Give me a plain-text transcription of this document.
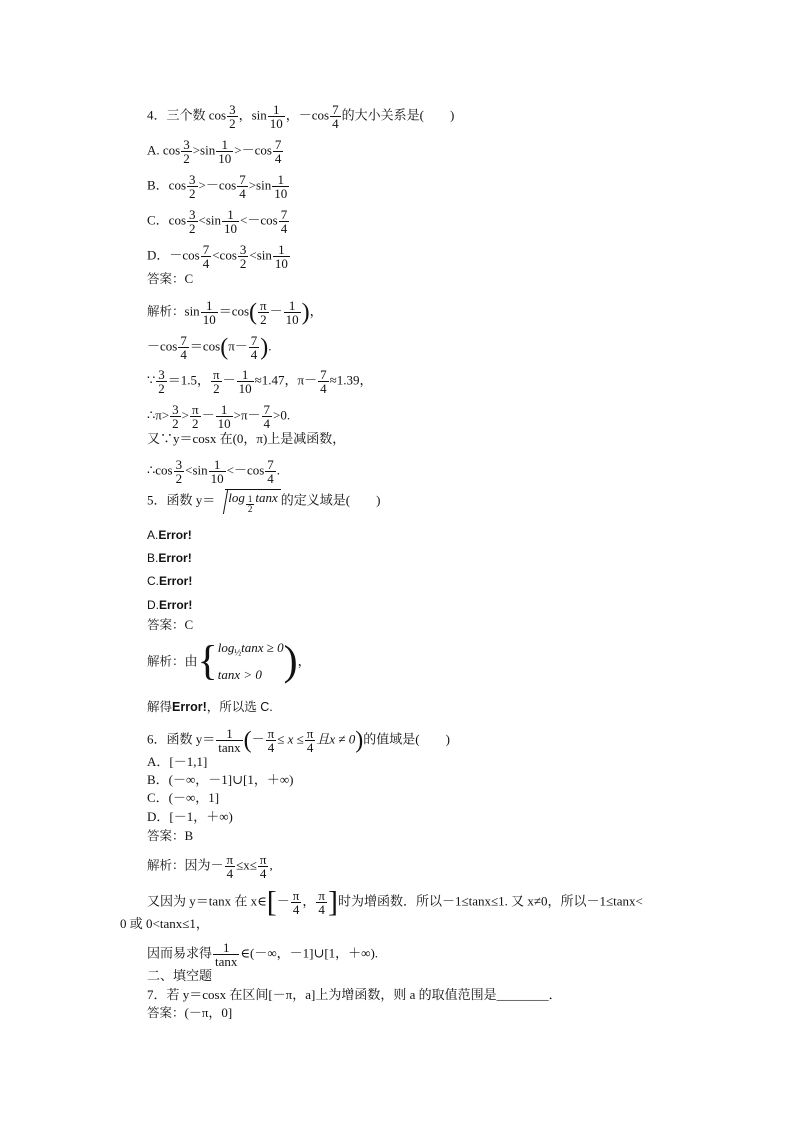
4．三个数 $\cos \frac{3}{2}$ ，$\sin \frac{1}{10}$ ，$-\cos \frac{7}{4}$ 的大小关系是(　　)
A. $\cos \frac{3}{2} >\sin \frac{1}{10} >-\cos \frac{7}{4}$
B．$\cos \frac{3}{2} >-\cos \frac{7}{4} >\sin \frac{1}{10}$
C．$\cos \frac{3}{2} <\sin \frac{1}{10} <-\cos \frac{7}{4}$
D．$-\cos \frac{7}{4} <\cos \frac{3}{2} <\sin \frac{1}{10}$
答案：C
解析：$\sin \frac{1}{10} =\cos( \frac{\pi}{2} - \frac{1}{10}$ )，
$-\cos \frac{7}{4} =\cos(\pi- \frac{7}{4}$ ).
∵ $\frac{3}{2} =1.5$， $\frac{\pi}{2} - \frac{1}{10} \approx 1.47$，$\pi- \frac{7}{4} \approx 1.39$，
∴π> $\frac{3}{2} > \frac{\pi}{2} - \frac{1}{10} >\pi- \frac{7}{4} >0$.
又∵y＝cosx 在(0，π)上是减函数，
∴cos $\frac{3}{2} <\sin \frac{1}{10} <-\cos \frac{7}{4}$ .
5．函数 $y= \log \frac{1}{2}$ tanx 的定义域是(　　)
A.Error!
B.Error!
C.Error!
D.Error!
答案：C
解析：由{ $\log_{\frac{1}{2}}\tan x \ge 0$
tanx > 0 )，
解得Error!，所以选 C.
6．函数 $y= \frac{1}{\tan x}$ (－ $\frac{\pi}{4} \le x \le \frac{\pi}{4}$ 且x ≠ 0)的值域是(　　)
A．[－1,1]
B．(－∞，－1]∪[1，＋∞)
C．(－∞，1]
D．[－1，＋∞)
答案：B
解析：因为－ $\frac{\pi}{4} \le x\le \frac{\pi}{4}$ ,
又因为 y＝tanx 在 x∈[－ $\frac{\pi}{4}$ ， $\frac{\pi}{4}$ ]时为增函数．所以－1≤tanx≤1. 又 x≠0，所以－1≤tanx<
0 或 0<tanx≤1，
因而易求得 $\frac{1}{\tan x}$ ∈(－∞，－1]∪[1，＋∞).
二、填空题
7．若 y＝cosx 在区间[－π，a]上为增函数，则 a 的取值范围是________．
答案：(－π，0]
